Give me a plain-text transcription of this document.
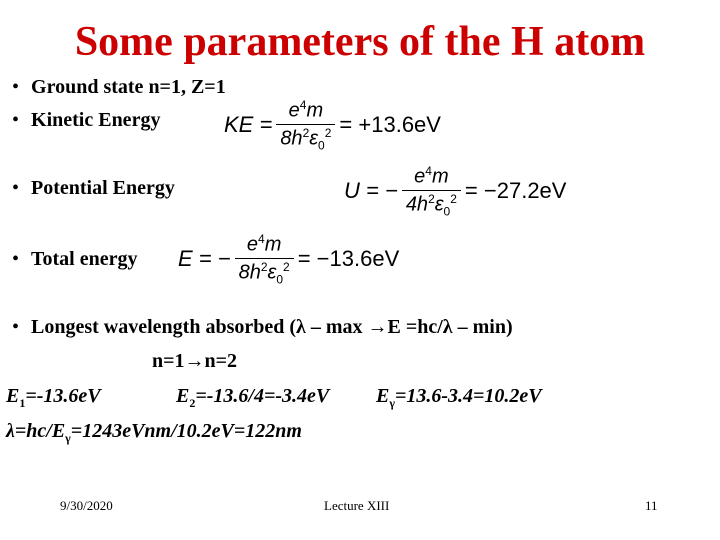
Some parameters of the H atom
• Ground state n=1, Z=1
• Kinetic Energy	KE = $\frac{e^4m}{8h^2\varepsilon_0^2} = +13.6eV$
• Potential Energy	U = − $\frac{e^4m}{4h^2\varepsilon_0^2} = -27.2eV$
• Total energy E = − $\frac{e^4m}{8h^2\varepsilon_0^2} = -13.6eV$
• Longest wavelength absorbed (λ – max →E =hc/λ – min)
n=1→n=2
$E_1=-13.6eV$	$E_2=-13.6/4=-3.4eV$ $E_\gamma=13.6-3.4=10.2eV$
$\lambda=hc/E_\gamma=1243eVnm/10.2eV=122nm$
9/30/2020	Lecture XIII	11
